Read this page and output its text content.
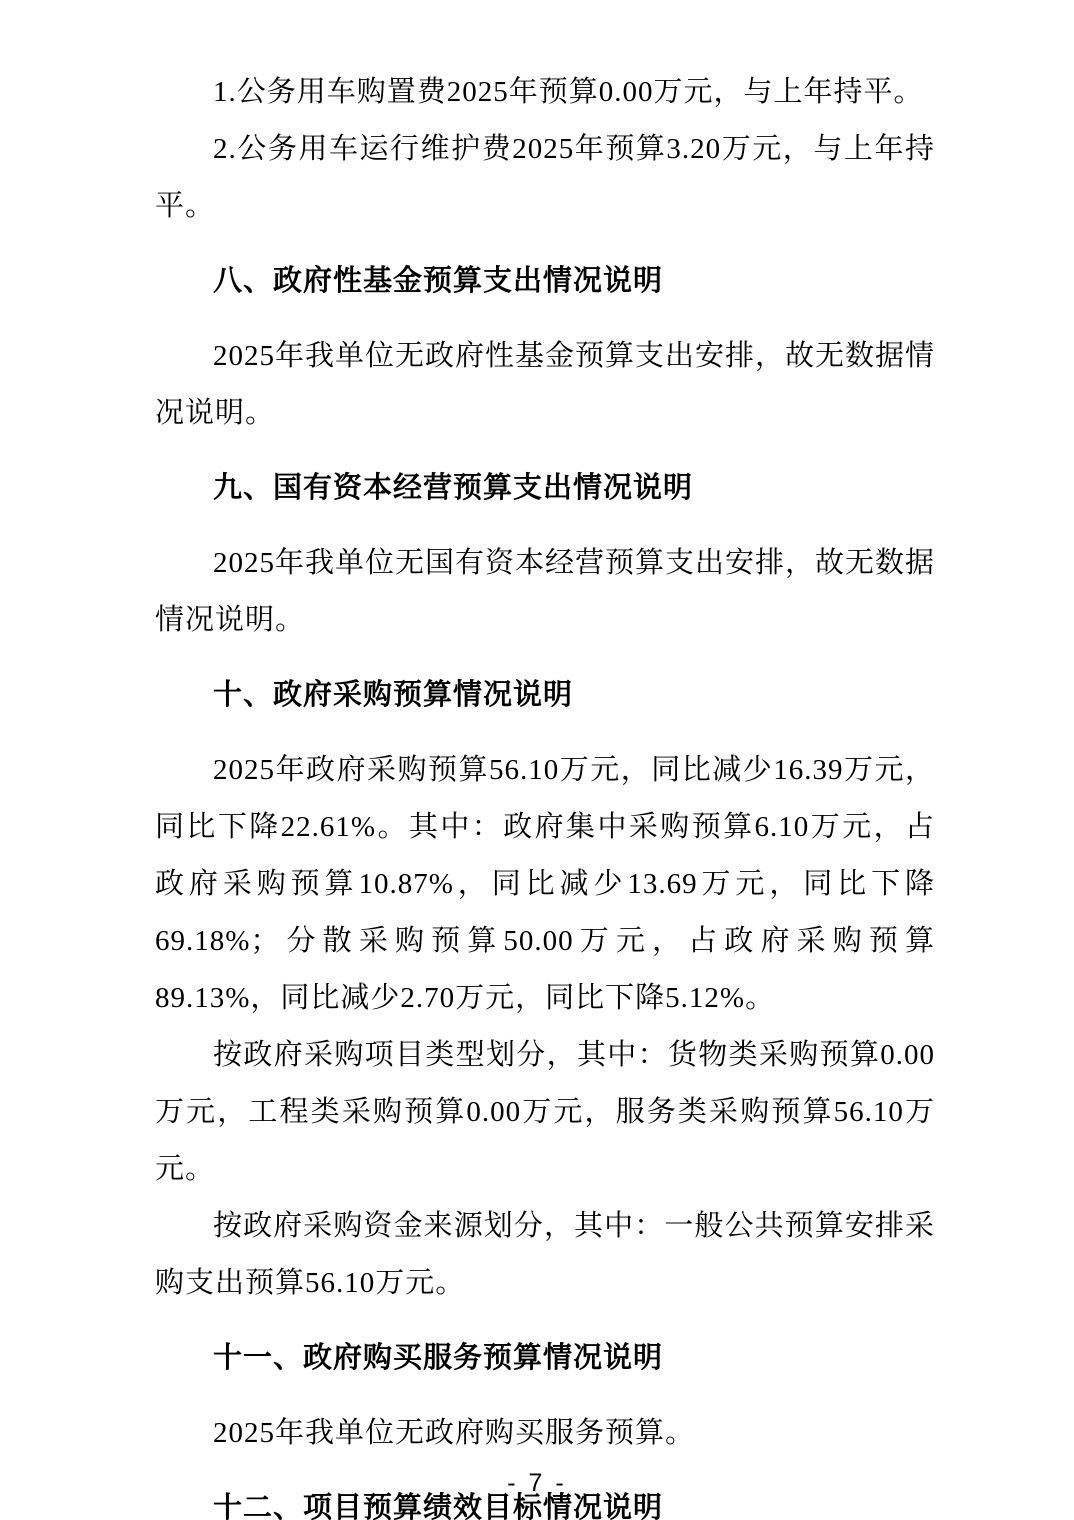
1.公务用车购置费2025年预算0.00万元，与上年持平。

2.公务用车运行维护费2025年预算3.20万元，与上年持平。

八、政府性基金预算支出情况说明

2025年我单位无政府性基金预算支出安排，故无数据情况说明。

九、国有资本经营预算支出情况说明

2025年我单位无国有资本经营预算支出安排，故无数据情况说明。

十、政府采购预算情况说明

2025年政府采购预算56.10万元，同比减少16.39万元，同比下降22.61%。其中：政府集中采购预算6.10万元，占政府采购预算10.87%，同比减少13.69万元，同比下降69.18%；分散采购预算50.00万元，占政府采购预算89.13%，同比减少2.70万元，同比下降5.12%。

按政府采购项目类型划分，其中：货物类采购预算0.00万元，工程类采购预算0.00万元，服务类采购预算56.10万元。

按政府采购资金来源划分，其中：一般公共预算安排采购支出预算56.10万元。

十一、政府购买服务预算情况说明

2025年我单位无政府购买服务预算。

十二、项目预算绩效目标情况说明
- 7 -
